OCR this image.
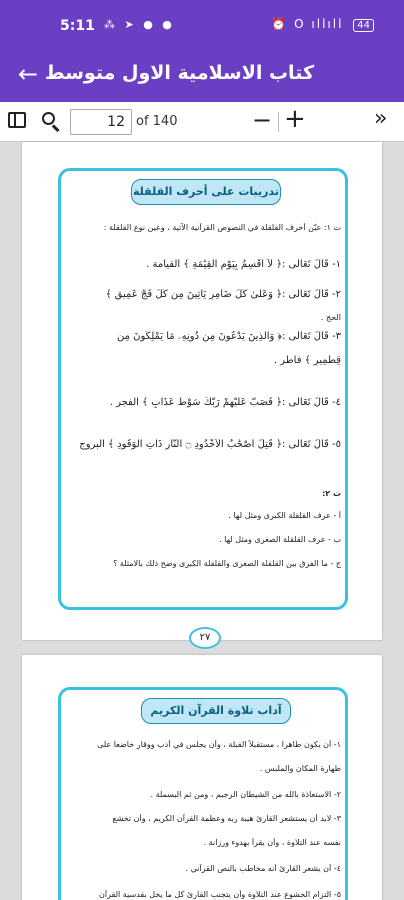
5:11 ⁂ ➤ ● ●	⏰ O ıllıll 44
← كتاب الاسلامية الاول متوسط
12
of 140	− +	»
تدريبات على أحرف القلقلة
ت ١: عيّن أحرف القلقلة في النصوص القرآنية الآتية ، وعين نوع القلقلة :
١- قَالَ تَعَالَى :﴿ لَآ أُقْسِمُ بِيَوْمِ الْقِيَٰمَةِ ﴾ القيامة .
٢- قَالَ تَعَالَى :﴿ وَعَلَىٰ كُلِّ ضَامِرٍ يَأْتِينَ مِن كُلِّ فَجٍّ عَمِيقٍ ﴾
الحج .
٣- قَالَ تَعَالَى :﴿ وَالَّذِينَ يَدْعُونَ مِن دُونِهِۦ مَا يَمْلِكُونَ مِن
قِطْمِيرٍ ﴾ فاطر .
٤- قَالَ تَعَالَى :﴿ فَصَبَّ عَلَيْهِمْ رَبُّكَ سَوْطَ عَذَابٍ ﴾ الفجر .
٥- قَالَ تَعَالَى :﴿ قُتِلَ أَصْحَٰبُ الْأُخْدُودِ ۝ النَّارِ ذَاتِ الْوَقُودِ ﴾ البروج
ت ٢:
أ - عرف القلقلة الكبرى ومثل لها .
ب - عرف القلقلة الصغرى ومثل لها .
ج - ما الفرق بين القلقلة الصغرى والقلقلة الكبرى وضح ذلك بالامثلة ؟
٢٧
آداب تلاوة القرآن الكريم
١- أن يكون طاهراً ، مستقبلاً القبلة ، وأن يجلس في أدب ووقار خاضعاً على
طهارة المكان والملبس .
٢- الاستعاذة بالله من الشيطان الرجيم ، ومن ثم البسملة .
٣- لابد أن يستشعر القارئ هيبة ربه وعظمة القرآن الكريم ، وأن تخشع
نفسه عند التلاوة ، وأن يقرأ بهدوء ورزانة .
٤- أن يشعر القارئ أنه مخاطب بالنص القرآني .
٥- التزام الخشوع عند التلاوة وأن يتجنب القارئ كل ما يخل بقدسية القرآن
